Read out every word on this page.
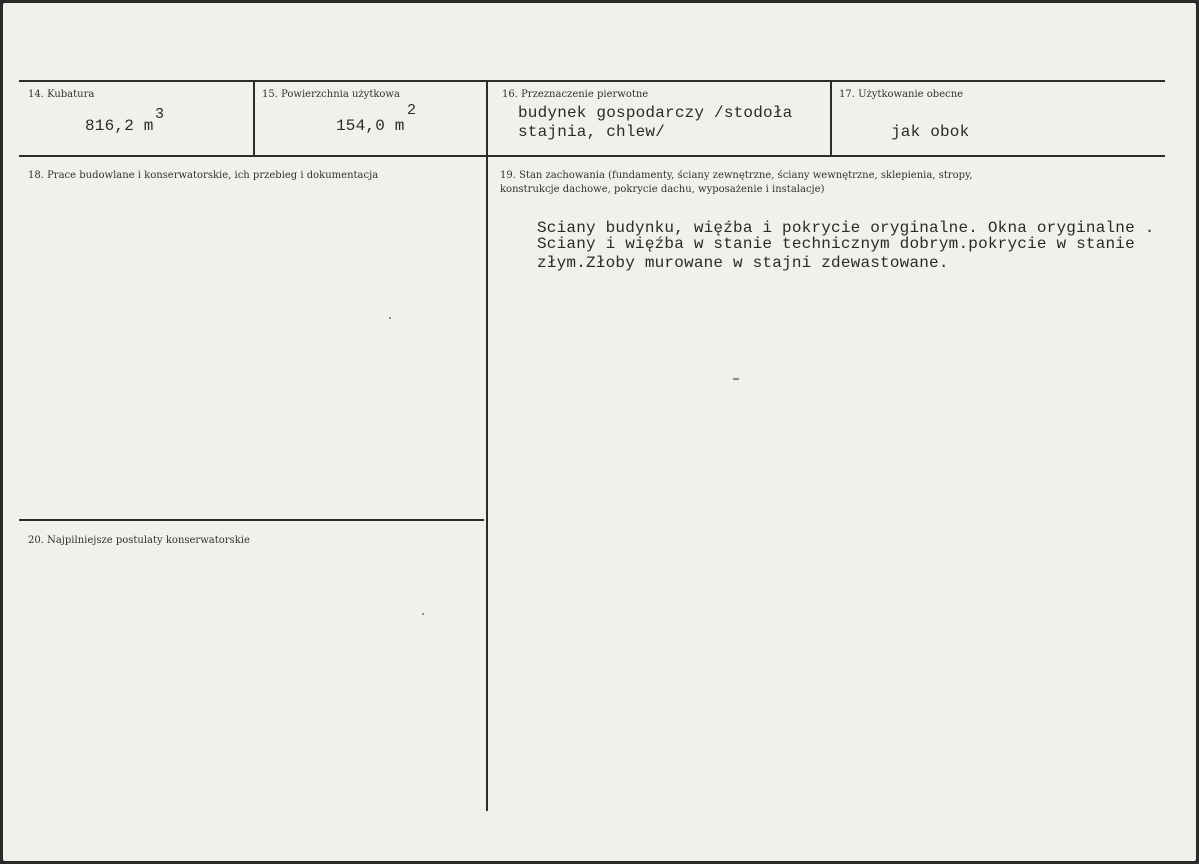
14. Kubatura
816,2 m
3
15. Powierzchnia użytkowa
154,0 m
2
16. Przeznaczenie pierwotne
budynek gospodarczy /stodoła
stajnia, chlew/
17. Użytkowanie obecne
jak obok
18. Prace budowlane i konserwatorskie, ich przebieg i dokumentacja	19. Stan zachowania (fundamenty, ściany zewnętrzne, ściany wewnętrzne, sklepienia, stropy,
konstrukcje dachowe, pokrycie dachu, wyposażenie i instalacje)
Sciany budynku, więźba i pokrycie oryginalne. Okna oryginalne .
Sciany i więźba w stanie technicznym dobrym.pokrycie w stanie
złym.Złoby murowane w stajni zdewastowane.
20. Najpilniejsze postulaty konserwatorskie
